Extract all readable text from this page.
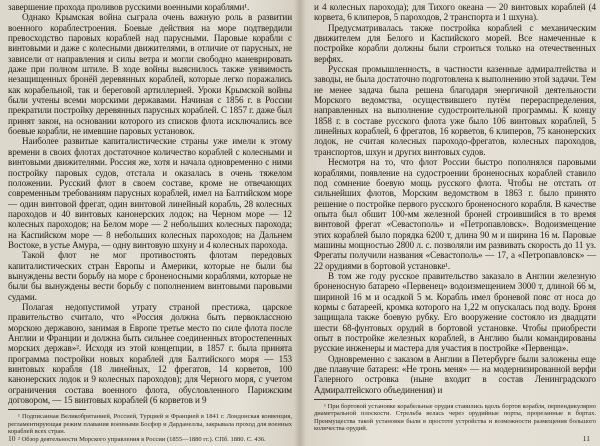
завершение прохода проливов русскими военными кораблями¹.

Однако Крымская война сыграла очень важную роль в развитии военного кораблестроения. Боевые действия на море подтвердили превосходство паровых кораблей над парусными. Паровые корабли с винтовыми и даже с колесными движителями, в отличие от парусных, не зависели от направления и силы ветра и могли свободно маневрировать даже при полном штиле. В ходе войны выяснилось также уязвимость незащищенных бронёй деревянных кораблей, которые легко поражались как корабельной, так и береговой артиллерией. Уроки Крымской войны были учтены всеми морскими державами. Начиная с 1856 г. в России прекратили постройку деревянных парусных кораблей. С 1857 г. даже был принят закон, на основании которого из списков флота исключались все боевые корабли, не имевшие паровых установок.

Наиболее развитые капиталистические страны уже имели к этому времени в своих флотах достаточное количество кораблей с колесными и винтовыми движителями. Россия же, хотя и начала одновременно с ними постройку паровых судов, отстала и оказалась в очень тяжелом положении. Русский флот в своем составе, кроме не отвечающих современным требованиям парусных кораблей, имел на Балтийском море — один винтовой фрегат, один винтовой линейный корабль, 28 колесных пароходов и 40 винтовых канонерских лодок; на Черном море — 12 колесных пароходов; на Белом море — 2 небольших колесных парохода; на Каспийском море — 8 небольших колесных пароходов; на Дальнем Востоке, в устье Амура, — одну винтовую шхуну и 4 колесных парохода.

Такой флот не мог противостоять флотам передовых капиталистических стран Европы и Америки, которые не были бы вынуждены вести борьбу на море с броненосными кораблями, которые не были бы вынуждены вести борьбу с пополнением винтовыми паровыми судами.

Полагая недопустимой утрату страной престижа, царское правительство считало, что «Россия должна быть первоклассною морскою державою, занимая в Европе третье место по силе флота после Англии и Франции и должна быть сильнее соединенных второстепенных морских держав»². Исходя из этой концепции, в 1857 г. была принята программа постройки новых кораблей для Балтийского моря — 153 винтовых корабля (18 линейных, 12 фрегатов, 14 корветов, 100 канонерских лодок и 9 колесных пароходов); для Черного моря, с учетом ограничения состава военного флота, обусловленного Парижским договором, — 15 винтовых кораблей (6 корветов и 9

¹ Подписанная Великобританией, Россией, Турцией и Францией в 1841 г. Лондонская конвенция, регламентирующая режим плавания военными Босфор и Дарданеллы, закрывала проход для военных кораблей всех стран.

² Обзор деятельности Морского управления в России (1855—1880 гг.). СПб. 1880. С. 436.

10

и 4 колесных парохода); для Тихого океана — 20 винтовых кораблей (4 корвета, 6 клиперов, 5 пароходов, 2 транспорта и 1 шхуна).

Предусматривалась также постройка кораблей с механическим движителем для Белого и Каспийского морей. Все намеченные к постройке корабли должны были строиться только на отечественных верфях.

Русская промышленность, в частности казенные адмиралтейства и заводы, не была достаточно подготовлена к выполнению этой задачи. Тем не менее задача была решена благодаря энергичной деятельности Морского ведомства, осуществившего путём перераспределения, направленных на выполнение судостроительной программы. К концу 1858 г. в составе русского флота уже было 106 винтовых кораблей, 5 линейных кораблей, 6 фрегатов, 16 корветов, 6 клиперов, 75 канонерских лодок, не считая колесных пароходо-фрегатов, колесных пароходов, транспортов, шхун и других винтовых судов.

Несмотря на то, что флот России быстро пополнялся паровыми кораблями, появление на судостроении броненосных кораблей ставило под сомнение боевую мощь русского флота. Чтобы не отстать от сильнейших флотов, Морским ведомством в 1863 г. было принято решение о постройке первого русского броненосного корабля. В качестве опыта был обшит 100-мм железной броней строившийся в то время винтовой фрегат «Севастополь» и «Петропавловск». Водоизмещение этих кораблей было порядка 6200 т, длина 90 м и ширина 16 м. Паровые машины мощностью 2800 л. с. позволяли им развивать скорость до 11 уз. Фрегаты получили названия «Севастополь» — 17, а «Петропавловск» — 22 орудиями в бортовой установке¹.

В том же году русское правительство заказало в Англии железную броненосную батарею «Первенец» водоизмещением 3000 т, длиной 66 м, шириной 16 м и осадкой 5 м. Корабль имел броневой пояс от носа до кормы с батареей, кромка которого на 1,22 м опускалась под воду. Броня защищала также боевую рубку. Его вооружение состояло из двадцати шести 68-фунтовых орудий в бортовой установке. Чтобы приобрести опыт в постройке железных кораблей, в Англию были командированы русские инженеры и мастера для участия в постройке «Первенца».

Одновременно с заказом в Англии в Петербурге были заложены еще две плавучие батареи: «Не тронь меня» — на модернизированной верфи Галерного островка (ныне входит в состав Ленинградского Адмиралтейского объединения) и

¹ При бортовой установке корабельные орудия ставились вдоль бортов корабля, перпендикулярно диаметральной плоскости. Стрельба велась через орудийные порты, прорезанные в бортах. Преимущества такой установки были в простоте устройства и возможности размещения большого количества орудий.

11
